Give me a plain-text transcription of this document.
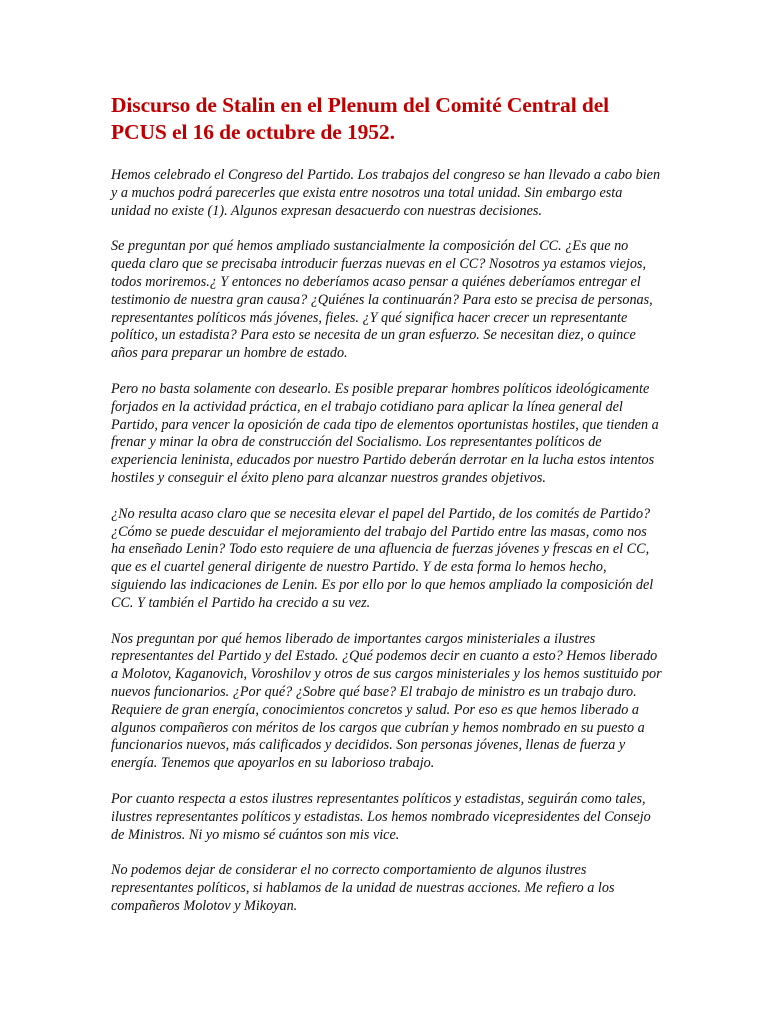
Discurso de Stalin en el Plenum del Comité Central del PCUS el 16 de octubre de 1952.

Hemos celebrado el Congreso del Partido. Los trabajos del congreso se han llevado a cabo bien y a muchos podrá parecerles que exista entre nosotros una total unidad. Sin embargo esta unidad no existe (1). Algunos expresan desacuerdo con nuestras decisiones.

Se preguntan por qué hemos ampliado sustancialmente la composición del CC. ¿Es que no queda claro que se precisaba introducir fuerzas nuevas en el CC? Nosotros ya estamos viejos, todos moriremos.¿ Y entonces no deberíamos acaso pensar a quiénes deberíamos entregar el testimonio de nuestra gran causa? ¿Quiénes la continuarán? Para esto se precisa de personas, representantes políticos más jóvenes, fieles. ¿Y qué significa hacer crecer un representante político, un estadista? Para esto se necesita de un gran esfuerzo. Se necesitan diez, o quince años para preparar un hombre de estado.

Pero no basta solamente con desearlo. Es posible preparar hombres políticos ideológicamente forjados en la actividad práctica, en el trabajo cotidiano para aplicar la línea general del Partido, para vencer la oposición de cada tipo de elementos oportunistas hostiles, que tienden a frenar y minar la obra de construcción del Socialismo. Los representantes políticos de experiencia leninista, educados por nuestro Partido deberán derrotar en la lucha estos intentos hostiles y conseguir el éxito pleno para alcanzar nuestros grandes objetivos.

¿No resulta acaso claro que se necesita elevar el papel del Partido, de los comités de Partido? ¿Cómo se puede descuidar el mejoramiento del trabajo del Partido entre las masas, como nos ha enseñado Lenin? Todo esto requiere de una afluencia de fuerzas jóvenes y frescas en el CC, que es el cuartel general dirigente de nuestro Partido. Y de esta forma lo hemos hecho, siguiendo las indicaciones de Lenin. Es por ello por lo que hemos ampliado la composición del CC. Y también el Partido ha crecido a su vez.

Nos preguntan por qué hemos liberado de importantes cargos ministeriales a ilustres representantes del Partido y del Estado. ¿Qué podemos decir en cuanto a esto? Hemos liberado a Molotov, Kaganovich, Voroshilov y otros de sus cargos ministeriales y los hemos sustituido por nuevos funcionarios. ¿Por qué? ¿Sobre qué base? El trabajo de ministro es un trabajo duro. Requiere de gran energía, conocimientos concretos y salud. Por eso es que hemos liberado a algunos compañeros con méritos de los cargos que cubrían y hemos nombrado en su puesto a funcionarios nuevos, más calificados y decididos. Son personas jóvenes, llenas de fuerza y energía. Tenemos que apoyarlos en su laborioso trabajo.

Por cuanto respecta a estos ilustres representantes políticos y estadistas, seguirán como tales, ilustres representantes políticos y estadistas. Los hemos nombrado vicepresidentes del Consejo de Ministros. Ni yo mismo sé cuántos son mis vice.

No podemos dejar de considerar el no correcto comportamiento de algunos ilustres representantes políticos, si hablamos de la unidad de nuestras acciones. Me refiero a los compañeros Molotov y Mikoyan.
